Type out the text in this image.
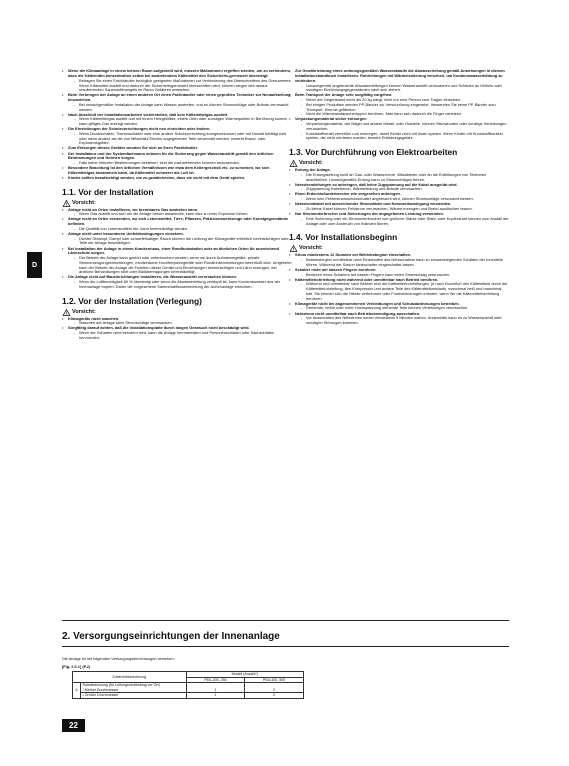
D
• Wenn die Klimaanlage in einem kleinen Raum aufgestellt wird, müssen Maßnahmen ergriffen werden, um zu verhindern, dass die Kältemittel-konzentration selbst bei austretendem Kältemittel den Sicherheits-grenzwert übersteigt.
- Befragen Sie einen Fachhändler bezüglich geeigneter Maßnahmen zur Verhinderung des Überschreitens des Grenzwertes. Wenn Kältemittel austritt und dadurch der Sicherheitsgrenzwert überschritten wird, können wegen des daraus resultierenden Sauerstoffmangels im Raum Gefahren entstehen.
• Beim Verbringen der Anlage an einen anderen Ort einen Fachhändler oder einen geprüften Techniker zur Neuaufstellung hinzuziehen.
- Bei unsachgemäßer Installation der Anlage kann Wasser austreten, und es können Stromschläge oder Brände verursacht werden.
• Nach Abschluß der Installationsarbeiten sicherstellen, daß kein Kältemittelgas austritt.
- Wenn Kältemittelgas austritt und mit einem Heizgebläse, einem Ofen oder sonstigen Wärmequellen in Berührung kommt, kann giftiges Gas erzeugt werden.
• Die Einstellungen der Schutzvorrichtungen nicht neu einrichten oder ändern.
- Wenn Druckschalter, Thermoschalter oder eine andere Schutzvorrichtung kurzgeschlossen oder mit Gewalt betätigt wird oder wenn andere als die von Mitsubishi Electric angegebenen Teile verwendet werden, besteht Brand- oder Explosionsgefahr.
• Zum Entsorgen dieses Gerätes wenden Sie sich an Ihren Fachhändler.
• Der Installateur und der Systemfachmann müssen für die Sicherung gegen Wasseraustritt gemäß den örtlichen Bestimmungen und Normen sorgen.
- Falls keine örtlichen Bestimmungen bestehen, sind die nachstehenden Normen anzuwenden.
• Besondere Beachtung ist den örtlichen Verhältnissen wie etwa dem Kellergeschoß etc. zu schenken, wo sich Kältemittelgas ansammeln kann, da Kältemittel schwerer als Luft ist.
• Kinder sollten beaufsichtigt werden, um zu gewährleisten, dass sie nicht mit dem Gerät spielen.
1.1. Vor der Installation
Vorsicht:
• Anlage nicht an Orten installieren, wo brennbares Gas austreten kann.
- Wenn Gas austritt und sich um die Anlage herum ansammelt, kann dies zu einer Explosion führen.
• Anlage nicht an Orten verwenden, wo sich Lebensmittel, Tiere, Pflanzen, Präzisionswerkzeuge oder Kunstgegenstände befinden.
- Die Qualität von Lebensmitteln etc. kann beeinträchtigt werden.
• Anlage nicht unter besonderen Umfeldbedingungen einsetzen.
- Dichter Öldampf, Dampf oder schwefelhaltiger Rauch können die Leistung der Klimageräte erheblich beeinträchtigen oder Teile der Anlage beschädigen.
• Bei Installation der Anlage in einem Krankenhaus, einer Rundfunkstation oder an ähnlichen Orten für ausreichend Lärmschutz sorgen.
- Der Betrieb der Anlage kann gestört oder unterbrochen werden, wenn sie durch Aufnahmegeräte, private Stromerzeugungseinrichtungen, medizinische Hochfrequenzgeräte oder Rundfunkeinrichtungen beeinflußt wird. Umgekehrt kann der Betrieb der Anlage die Funktion dieser Geräte und Einrichtungen beeinträchtigen und Lärm erzeugen, der ärztliche Behandlungen stört oder Bildübertragungen beeinträchtigt.
• Die Anlage nicht auf Baueinrichtungen installieren, die Wasseraustritt verursachen können.
- Wenn die Luftfeuchtigkeit 80 % übersteigt oder wenn die Abwasserleitung verstopft ist, kann Kondenswasser aus der Innenanlage tropfen. Daher die vorgesehene Sammelabflusseinrichtung der Außenanlage einrichten.
1.2. Vor der Installation (Verlegung)
Vorsicht:
• Klimageräte nicht waschen.
- Waschen der Anlage kann Stromschläge verursachen.
• Sorgfältig darauf achten, daß die Installationsplatte durch langen Gebrauch nicht beschädigt wird.
- Wenn der Schaden nicht behoben wird, kann die Anlage herunterfallen und Personenschäden oder Sachschäden hervorrufen.
• Zur Gewährleistung eines ordnungsgemäßen Wasserablaufs die Abwasserleitung gemäß Anweisungen in diesem Installationshandbuch installieren. Rohrleitungen mit Wärmeisolierung versehen, um Kondenswasserbildung zu verhindern.
- Unsachgemäß angebrachte Abwasserleitungen können Wasseraustritt verursachen und Schäden an Möbeln oder sonstigen Einrichtungsgegenständen nach sich ziehen.
• Beim Transport der Anlage sehr sorgfältig vorgehen.
- Wenn der Gegenstand mehr als 20 kg wiegt, nicht nur eine Person zum Tragen einsetzen.
- Bei einigen Produkten werden PP-Bänder zur Verschnürung eingesetzt. Verwenden Sie keine PP-Bänder zum Transport. Dies ist gefährlich.
- Nicht die Wärmeaustauscherrippen berühren. Man kann sich dadurch die Finger verletzen.
• Verpackungsmaterial sicher entsorgen
- Verpackungsmaterial, wie Nägel und andere Metall- oder Holzteile, können Stichwunden oder sonstige Verletzungen verursachen.
- Kunststoffbeutel zerreißen und entsorgen, damit Kinder nicht mit ihnen spielen. Wenn Kinder mit Kunststoffbeuteln spielen, die nicht zerrissen wurden, besteht Erstickungsgefahr.
1.3. Vor Durchführung von Elektroarbeiten
Vorsicht:
• Erdung der Anlage.
- Die Erdungsleitung nicht an Gas- oder Wasserrohre, Blitzableiter oder an die Erdleitungen von Telefonen anschließen. Unsachgemäße Erdung kann zu Stromschlägen führen.
• Netzstromleitungen so anbringen, daß keine Zugspannung auf die Kabel ausgeübt wird.
- Zugspannung Kabelbruch, Wärmebildung und Brände verursachen.
• Einen Erdschlußunterbrecher wie vorgesehen anbringen.
- Wenn kein Fehlerstromschutzschalter angebracht wird, können Stromschläge verursacht werden.
• Netzstromkabel mit ausreichender Stromstärke und Nennwertauslegung verwenden.
- Zu kleine Kabel können Fehlstrom verursachen, Wärme erzeugen und Brand auslöschen lassen.
• Nur Stromunterbrecher und Sicherungen der angegebenen Leistung verwenden.
- Eine Sicherung oder ein Stromunterbrecher von größerer Stärke oder Stahl- oder Kupferdraht können zum Ausfall der Anlage oder zum Ausbruch von Bränden führen.
1.4. Vor Installationsbeginn
Vorsicht:
• Strom mindestens 12 Stunden vor Betriebsbeginn einschalten.
- Betriebsbeginn unmittelbar nach Einschalten des Netzschalters kann zu schwerwiegenden Schäden der Innenteile führen. Während der Saison Netzschalter eingeschaltet lassen.
• Schalter nicht mit nassen Fingern berühren.
- Berühren eines Schalters mit nassen Fingern kann einen Stromschlag verursachen.
• Kältemittelrohrleitung nicht während oder unmittelbar nach Betrieb berühren.
- Während und unmittelbar nach Betrieb sind die Kältemittelrohrleitungen, je nach Durchfluß des Kältemittels durch die Kältemittelrohrleitung, den Kompressor und andere Teile des Kältemittelkreislaufs, manchmal heiß und manchmal kalt. Sie können sich die Hände verbrennen oder Frostverletzungen erleiden, wenn Sie die Kältemittelrohrleitung berühren.
• Klimageräte nicht bei abgenommenen Verkleidungen und Schutzabdeckungen betreiben.
- Drehende, heiße oder unter Hochspannung stehende Teile können Verletzungen verursachen.
• Netzstrom nicht unmittelbar nach Betriebsbeendigung ausschalten.
- Vor Ausschalten des Netzstroms immer mindestens 5 Minuten warten. Andernfalls kann es zu Wasseraustritt oder sonstigen Störungen kommen.
2. Versorgungseinrichtungen der Innenanlage
Die Anlage ist mit folgenden Versorgungseinrichtungen versehen:
[Fig. 2.0.1] (P.2)
Zubehörbezeichnung		Modell (Anzahl*)	
		PEA-200, 250	PEA-400, 500
①	Rohrabdeckung (für Leitungsverbindung vor Ort)
• Kleiner Durchmesser	1	2
	• Großer Durchmesser	1	2
22
